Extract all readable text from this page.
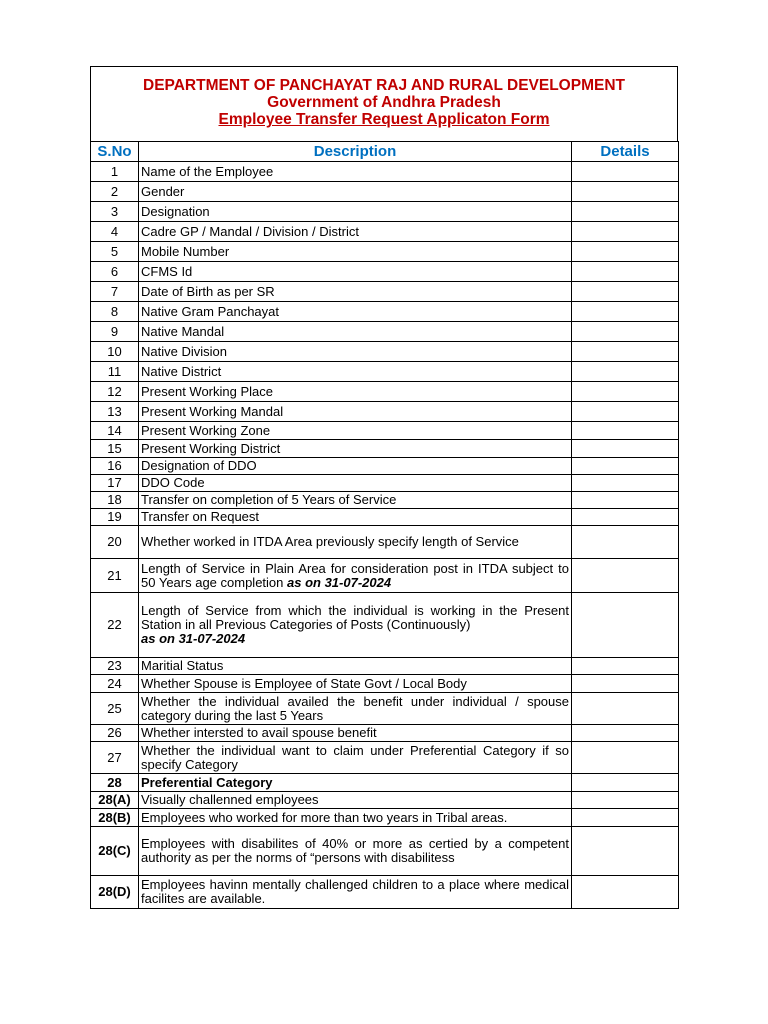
DEPARTMENT OF PANCHAYAT RAJ AND RURAL DEVELOPMENT
Government of Andhra Pradesh
Employee Transfer Request Applicaton Form
S.No	Description	Details
1	Name of the Employee	
2	Gender	
3	Designation	
4	Cadre GP / Mandal / Division / District	
5	Mobile Number	
6	CFMS Id	
7	Date of Birth as per SR	
8	Native Gram Panchayat	
9	Native Mandal	
10	Native Division	
11	Native District	
12	Present Working Place	
13	Present Working Mandal	
14	Present Working Zone	
15	Present Working District	
16	Designation of DDO	
17	DDO Code	
18	Transfer on completion of 5 Years of Service	
19	Transfer on Request	
20	Whether worked in ITDA Area previously specify length of Service	
21	Length of Service in Plain Area for consideration post in ITDA subject to 50 Years age completion as on 31-07-2024	
22	Length of Service from which the individual is working in the Present Station in all Previous Categories of Posts (Continuously)
as on 31-07-2024	
23	Maritial Status	
24	Whether Spouse is Employee of State Govt / Local Body	
25	Whether the individual availed the benefit under individual / spouse category during the last 5 Years	
26	Whether intersted to avail spouse benefit	
27	Whether the individual want to claim under Preferential Category if so specify Category	
28	Preferential Category	
28(A)	Visually challenned employees	
28(B)	Employees who worked for more than two years in Tribal areas.	
28(C)	Employees with disabilites of 40% or more as certied by a competent authority as per the norms of “persons with disabilitess	
28(D)	Employees havinn mentally challenged children to a place where medical facilites are available.	
